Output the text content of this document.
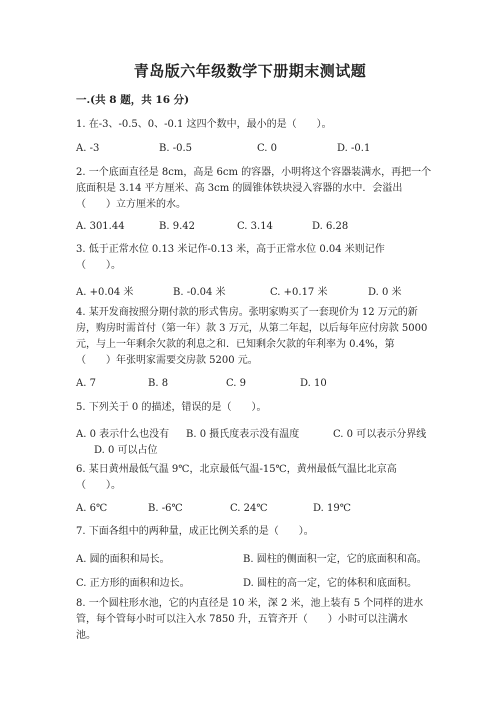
青岛版六年级数学下册期末测试题
一.(共 8 题，共 16 分)
1. 在-3、-0.5、0、-0.1 这四个数中，最小的是（　　）。
A. -3	B. -0.5	C. 0	D. -0.1
2. 一个底面直径是 8cm，高是 6cm 的容器，小明将这个容器装满水，再把一个
底面积是 3.14 平方厘米、高 3cm 的圆锥体铁块浸入容器的水中．会溢出
（　　）立方厘米的水。
A. 301.44	B. 9.42	C. 3.14	D. 6.28
3. 低于正常水位 0.13 米记作-0.13 米，高于正常水位 0.04 米则记作
（　　）。
A. +0.04 米	B. -0.04 米	C. +0.17 米	D. 0 米
4. 某开发商按照分期付款的形式售房。张明家购买了一套现价为 12 万元的新
房，购房时需首付（第一年）款 3 万元，从第二年起，以后每年应付房款 5000
元，与上一年剩余欠款的利息之和．已知剩余欠款的年利率为 0.4%，第
（　　）年张明家需要交房款 5200 元。
A. 7	B. 8	C. 9	D. 10
5. 下列关于 0 的描述，错误的是（　　）。
A. 0 表示什么也没有 B. 0 摄氏度表示没有温度	C. 0 可以表示分界线
D. 0 可以占位
6. 某日黄州最低气温 9℃，北京最低气温-15℃，黄州最低气温比北京高
（　　）。
A. 6℃	B. -6℃	C. 24℃	D. 19℃
7. 下面各组中的两种量，成正比例关系的是（　　）。
A. 圆的面积和局长。	B. 圆柱的侧面积一定，它的底面积和高。
C. 正方形的面积和边长。	D. 圆柱的高一定，它的体积和底面积。
8. 一个圆柱形水池，它的内直径是 10 米，深 2 米，池上装有 5 个同样的进水
管，每个管每小时可以注入水 7850 升，五管齐开（　　）小时可以注满水
池。
